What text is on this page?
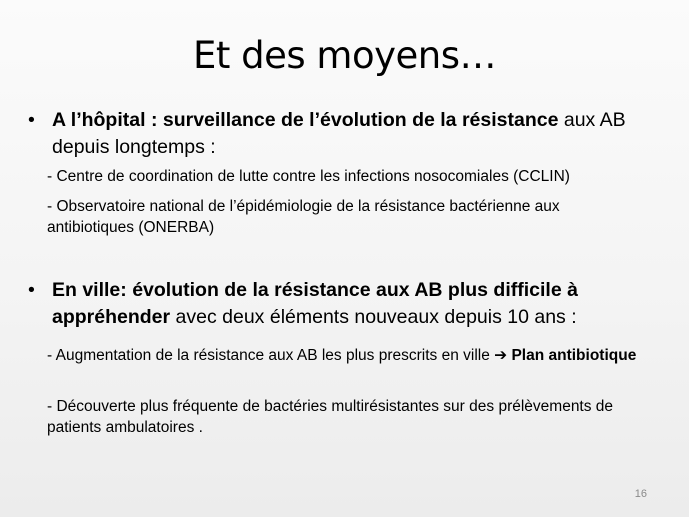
Et des moyens…
• A l’hôpital : surveillance de l’évolution de la résistance aux AB depuis longtemps :
- Centre de coordination de lutte contre les infections nosocomiales (CCLIN)
- Observatoire national de l’épidémiologie de la résistance bactérienne aux antibiotiques (ONERBA)
• En ville: évolution de la résistance aux AB plus difficile à appréhender avec deux éléments nouveaux depuis 10 ans :
- Augmentation de la résistance aux AB les plus prescrits en ville ➔ Plan antibiotique
- Découverte plus fréquente de bactéries multirésistantes sur des prélèvements de patients ambulatoires .
16
